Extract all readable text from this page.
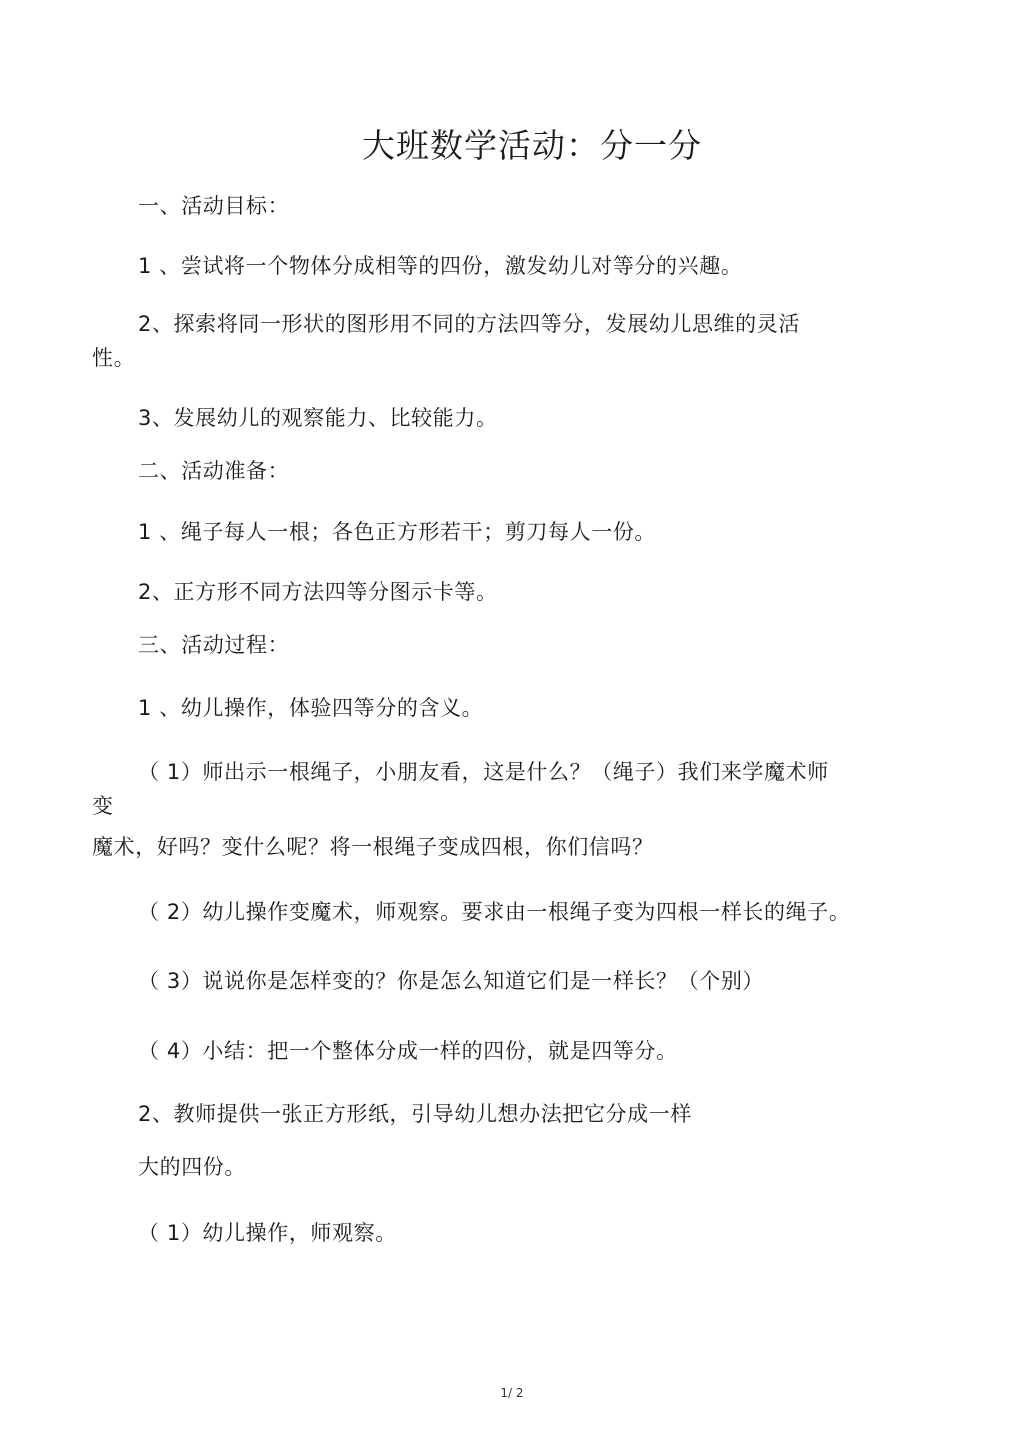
大班数学活动：分一分
一、活动目标：
1 、尝试将一个物体分成相等的四份，激发幼儿对等分的兴趣。
2、探索将同一形状的图形用不同的方法四等分，发展幼儿思维的灵活
性。
3、发展幼儿的观察能力、比较能力。
二、活动准备：
1 、绳子每人一根；各色正方形若干；剪刀每人一份。
2、正方形不同方法四等分图示卡等。
三、活动过程：
1 、幼儿操作，体验四等分的含义。
（ 1）师出示一根绳子，小朋友看，这是什么？（绳子）我们来学魔术师
变
魔术，好吗？变什么呢？将一根绳子变成四根，你们信吗？
（ 2）幼儿操作变魔术，师观察。要求由一根绳子变为四根一样长的绳子。
（ 3）说说你是怎样变的？你是怎么知道它们是一样长？（个别）
（ 4）小结：把一个整体分成一样的四份，就是四等分。
2、教师提供一张正方形纸，引导幼儿想办法把它分成一样
大的四份。
（ 1）幼儿操作，师观察。
1/ 2
